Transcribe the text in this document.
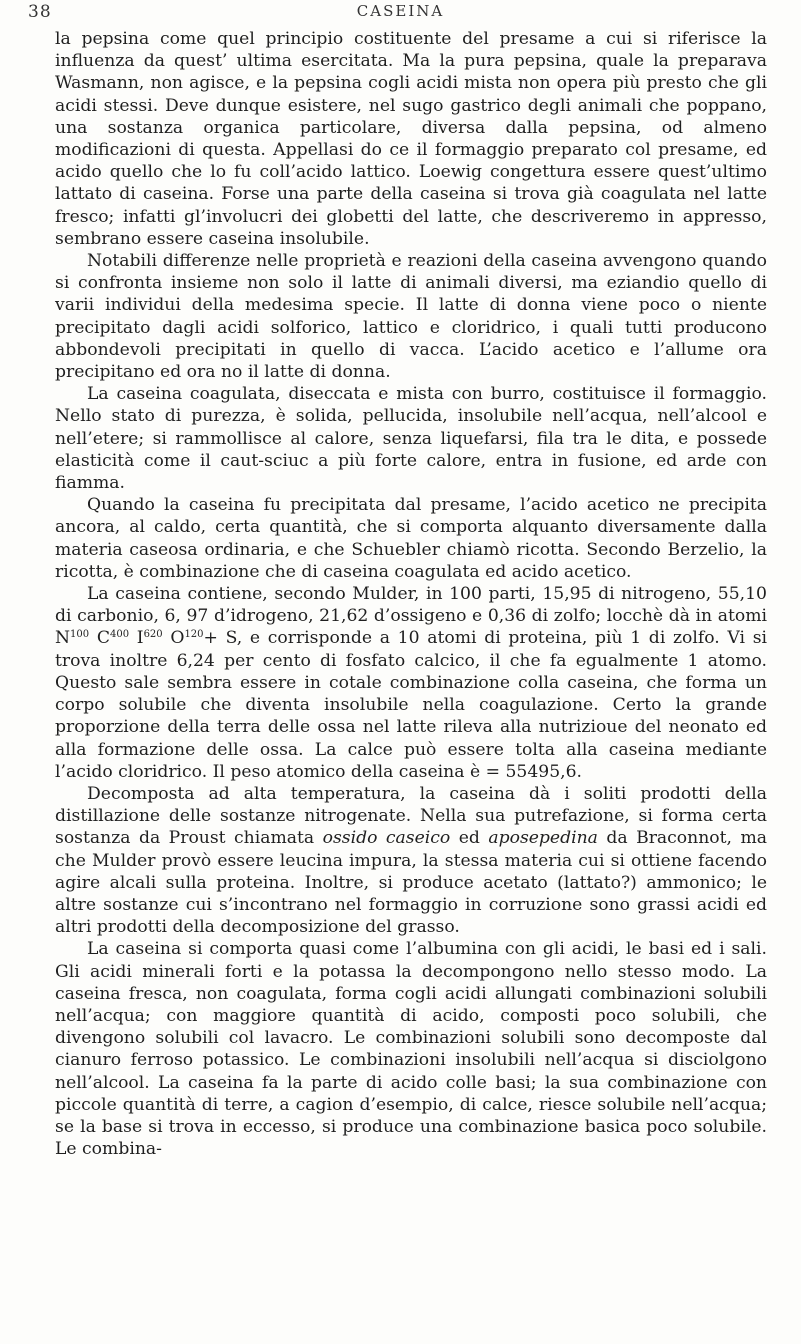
38	CASEINA

la pepsina come quel principio costituente del presame a cui si riferisce la influenza da quest’ ultima esercitata. Ma la pura pepsina, quale la preparava Wasmann, non agisce, e la pepsina cogli acidi mista non opera più presto che gli acidi stessi. Deve dunque esistere, nel sugo gastrico degli animali che poppano, una sostanza organica particolare, diversa dalla pepsina, od almeno modificazioni di questa. Appellasi do ce il formaggio preparato col presame, ed acido quello che lo fu coll’acido lattico. Loewig congettura essere quest’ultimo lattato di caseina. Forse una parte della caseina si trova già coagulata nel latte fresco; infatti gl’involucri dei globetti del latte, che descriveremo in appresso, sembrano essere caseina insolubile.

Notabili differenze nelle proprietà e reazioni della caseina avvengono quando si confronta insieme non solo il latte di animali diversi, ma eziandio quello di varii individui della medesima specie. Il latte di donna viene poco o niente precipitato dagli acidi solforico, lattico e cloridrico, i quali tutti producono abbondevoli precipitati in quello di vacca. L’acido acetico e l’allume ora precipitano ed ora no il latte di donna.

La caseina coagulata, diseccata e mista con burro, costituisce il formaggio. Nello stato di purezza, è solida, pellucida, insolubile nell’acqua, nell’alcool e nell’etere; si rammollisce al calore, senza liquefarsi, fila tra le dita, e possede elasticità come il caut-sciuc a più forte calore, entra in fusione, ed arde con fiamma.

Quando la caseina fu precipitata dal presame, l’acido acetico ne precipita ancora, al caldo, certa quantità, che si comporta alquanto diversamente dalla materia caseosa ordinaria, e che Schuebler chiamò ricotta. Secondo Berzelio, la ricotta, è combinazione che di caseina coagulata ed acido acetico.

La caseina contiene, secondo Mulder, in 100 parti, 15,95 di nitrogeno, 55,10 di carbonio, 6, 97 d’idrogeno, 21,62 d’ossigeno e 0,36 di zolfo; locchè dà in atomi $N^{100}$ $C^{400}$ $I^{620}$ $O^{120}+ S$, e corrisponde a 10 atomi di proteina, più 1 di zolfo. Vi si trova inoltre 6,24 per cento di fosfato calcico, il che fa egualmente 1 atomo. Questo sale sembra essere in cotale combinazione colla caseina, che forma un corpo solubile che diventa insolubile nella coagulazione. Certo la grande proporzione della terra delle ossa nel latte rileva alla nutrizioue del neonato ed alla formazione delle ossa. La calce può essere tolta alla caseina mediante l’acido cloridrico. Il peso atomico della caseina è = 55495,6.

Decomposta ad alta temperatura, la caseina dà i soliti prodotti della distillazione delle sostanze nitrogenate. Nella sua putrefazione, si forma certa sostanza da Proust chiamata ossido caseico ed aposepedina da Braconnot, ma che Mulder provò essere leucina impura, la stessa materia cui si ottiene facendo agire alcali sulla proteina. Inoltre, si produce acetato (lattato?) ammonico; le altre sostanze cui s’incontrano nel formaggio in corruzione sono grassi acidi ed altri prodotti della decomposizione del grasso.

La caseina si comporta quasi come l’albumina con gli acidi, le basi ed i sali. Gli acidi minerali forti e la potassa la decompongono nello stesso modo. La caseina fresca, non coagulata, forma cogli acidi allungati combinazioni solubili nell’acqua; con maggiore quantità di acido, composti poco solubili, che divengono solubili col lavacro. Le combinazioni solubili sono decomposte dal cianuro ferroso potassico. Le combinazioni insolubili nell’acqua si disciolgono nell’alcool. La caseina fa la parte di acido colle basi; la sua combinazione con piccole quantità di terre, a cagion d’esempio, di calce, riesce solubile nell’acqua; se la base si trova in eccesso, si produce una combinazione basica poco solubile. Le combina-
